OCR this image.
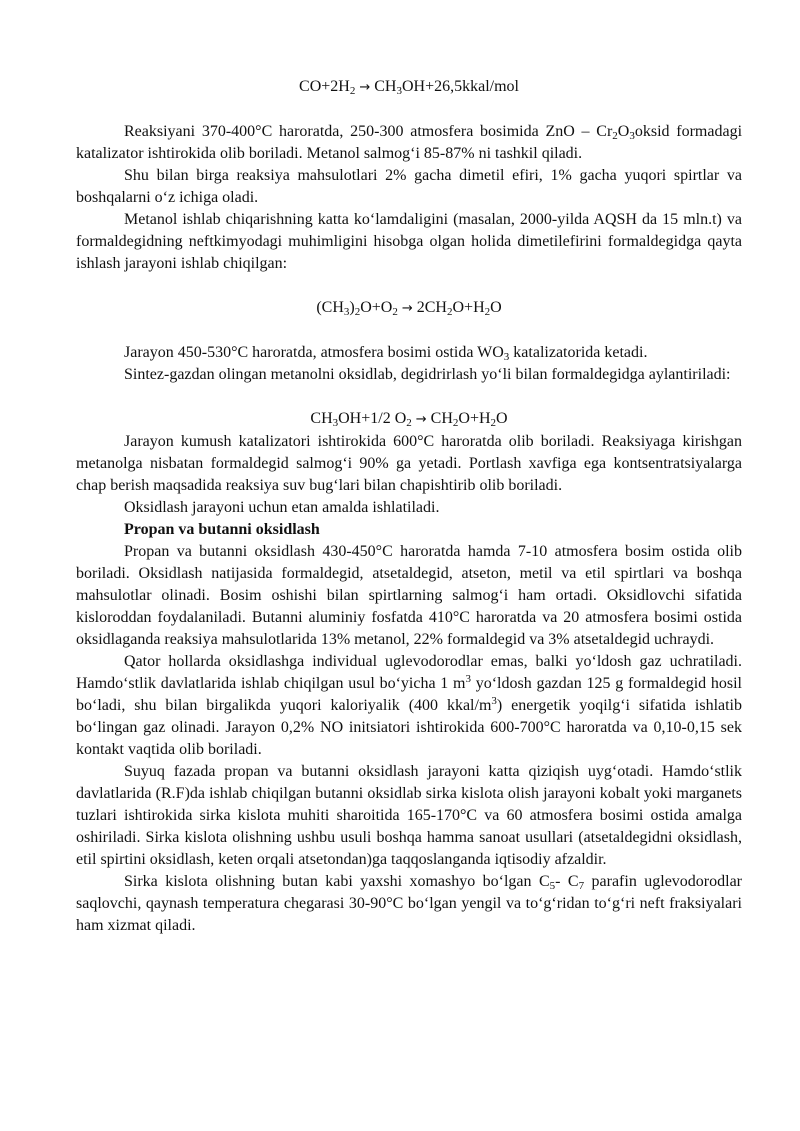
CO+2H2 → CH3OH+26,5kkal/mol

Reaksiyani 370-400°C haroratda, 250-300 atmosfera bosimida ZnO – Cr2O3oksid formadagi katalizator ishtirokida olib boriladi. Metanol salmog‘i 85-87% ni tashkil qiladi.

Shu bilan birga reaksiya mahsulotlari 2% gacha dimetil efiri, 1% gacha yuqori spirtlar va boshqalarni o‘z ichiga oladi.

Metanol ishlab chiqarishning katta ko‘lamdaligini (masalan, 2000-yilda AQSH da 15 mln.t) va formaldegidning neftkimyodagi muhimligini hisobga olgan holida dimetilefirini formaldegidga qayta ishlash jarayoni ishlab chiqilgan:

(CH3)2O+O2 → 2CH2O+H2O

Jarayon 450-530°C haroratda, atmosfera bosimi ostida WO3 katalizatorida ketadi.

Sintez-gazdan olingan metanolni oksidlab, degidrirlash yo‘li bilan formaldegidga aylantiriladi:

CH3OH+1/2 O2 → CH2O+H2O

Jarayon kumush katalizatori ishtirokida 600°C haroratda olib boriladi. Reaksiyaga kirishgan metanolga nisbatan formaldegid salmog‘i 90% ga yetadi. Portlash xavfiga ega kontsentratsiyalarga chap berish maqsadida reaksiya suv bug‘lari bilan chapishtirib olib boriladi.

Oksidlash jarayoni uchun etan amalda ishlatiladi.

Propan va butanni oksidlash

Propan va butanni oksidlash 430-450°C haroratda hamda 7-10 atmosfera bosim ostida olib boriladi. Oksidlash natijasida formaldegid, atsetaldegid, atseton, metil va etil spirtlari va boshqa mahsulotlar olinadi. Bosim oshishi bilan spirtlarning salmog‘i ham ortadi. Oksidlovchi sifatida kisloroddan foydalaniladi. Butanni aluminiy fosfatda 410°C haroratda va 20 atmosfera bosimi ostida oksidlaganda reaksiya mahsulotlarida 13% metanol, 22% formaldegid va 3% atsetaldegid uchraydi.

Qator hollarda oksidlashga individual uglevodorodlar emas, balki yo‘ldosh gaz uchratiladi. Hamdo‘stlik davlatlarida ishlab chiqilgan usul bo‘yicha 1 $m^3$ yo‘ldosh gazdan 125 g formaldegid hosil bo‘ladi, shu bilan birgalikda yuqori kaloriyalik (400 kkal/$m^3$) energetik yoqilg‘i sifatida ishlatib bo‘lingan gaz olinadi. Jarayon 0,2% NO initsiatori ishtirokida 600-700°C haroratda va 0,10-0,15 sek kontakt vaqtida olib boriladi.

Suyuq fazada propan va butanni oksidlash jarayoni katta qiziqish uyg‘otadi. Hamdo‘stlik davlatlarida (R.F)da ishlab chiqilgan butanni oksidlab sirka kislota olish jarayoni kobalt yoki marganets tuzlari ishtirokida sirka kislota muhiti sharoitida 165-170°C va 60 atmosfera bosimi ostida amalga oshiriladi. Sirka kislota olishning ushbu usuli boshqa hamma sanoat usullari (atsetaldegidni oksidlash, etil spirtini oksidlash, keten orqali atsetondan)ga taqqoslanganda iqtisodiy afzaldir.

Sirka kislota olishning butan kabi yaxshi xomashyo bo‘lgan C5- C7 parafin uglevodorodlar saqlovchi, qaynash temperatura chegarasi 30-90°C bo‘lgan yengil va to‘g‘ridan to‘g‘ri neft fraksiyalari ham xizmat qiladi.
